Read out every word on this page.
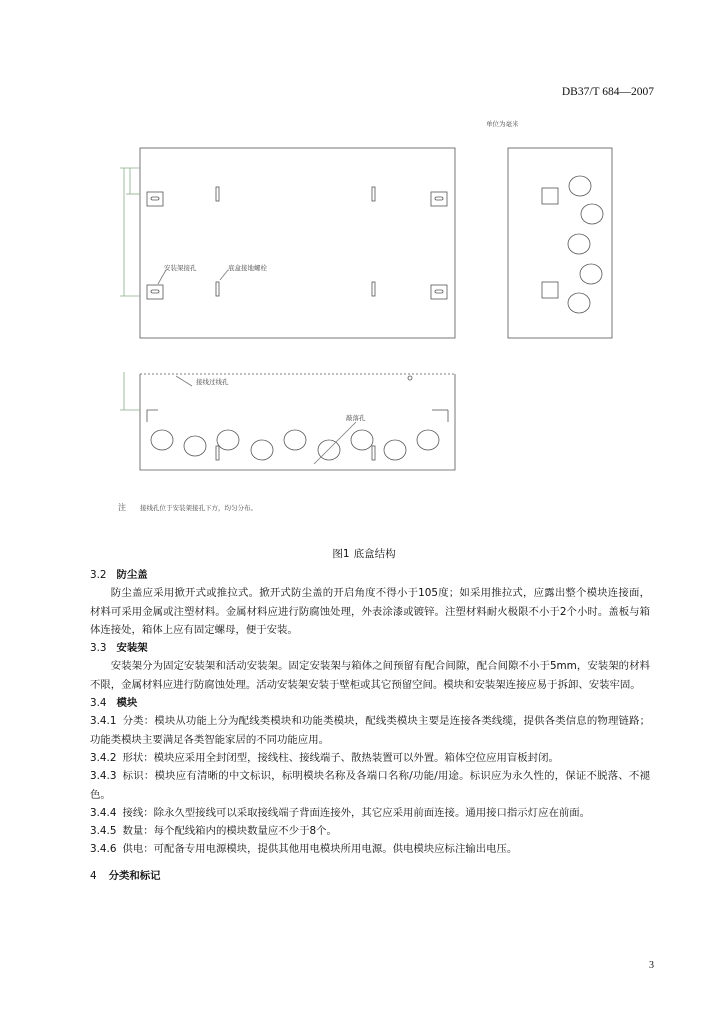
DB37/T 684—2007
单位为毫米
安装架接孔	底盒接地螺栓
接线过线孔
敲落孔
注 接线孔位于安装架接孔下方，均匀分布。
图1 底盒结构
3.2 防尘盖
防尘盖应采用掀开式或推拉式。掀开式防尘盖的开启角度不得小于105度；如采用推拉式，应露出整个模块连接面，材料可采用金属或注塑材料。金属材料应进行防腐蚀处理，外表涂漆或镀锌。注塑材料耐火极限不小于2个小时。盖板与箱体连接处，箱体上应有固定螺母，便于安装。
3.3 安装架
安装架分为固定安装架和活动安装架。固定安装架与箱体之间预留有配合间隙，配合间隙不小于5mm，安装架的材料不限，金属材料应进行防腐蚀处理。活动安装架安装于壁柜或其它预留空间。模块和安装架连接应易于拆卸、安装牢固。
3.4 模块
3.4.1 分类：模块从功能上分为配线类模块和功能类模块，配线类模块主要是连接各类线缆，提供各类信息的物理链路；功能类模块主要满足各类智能家居的不同功能应用。
3.4.2 形状：模块应采用全封闭型，接线柱、接线端子、散热装置可以外置。箱体空位应用盲板封闭。
3.4.3 标识：模块应有清晰的中文标识，标明模块名称及各端口名称/功能/用途。标识应为永久性的，保证不脱落、不褪色。
3.4.4 接线：除永久型接线可以采取接线端子背面连接外，其它应采用前面连接。通用接口指示灯应在前面。
3.4.5 数量：每个配线箱内的模块数量应不少于8个。
3.4.6 供电：可配备专用电源模块，提供其他用电模块所用电源。供电模块应标注输出电压。
4 分类和标记
3
